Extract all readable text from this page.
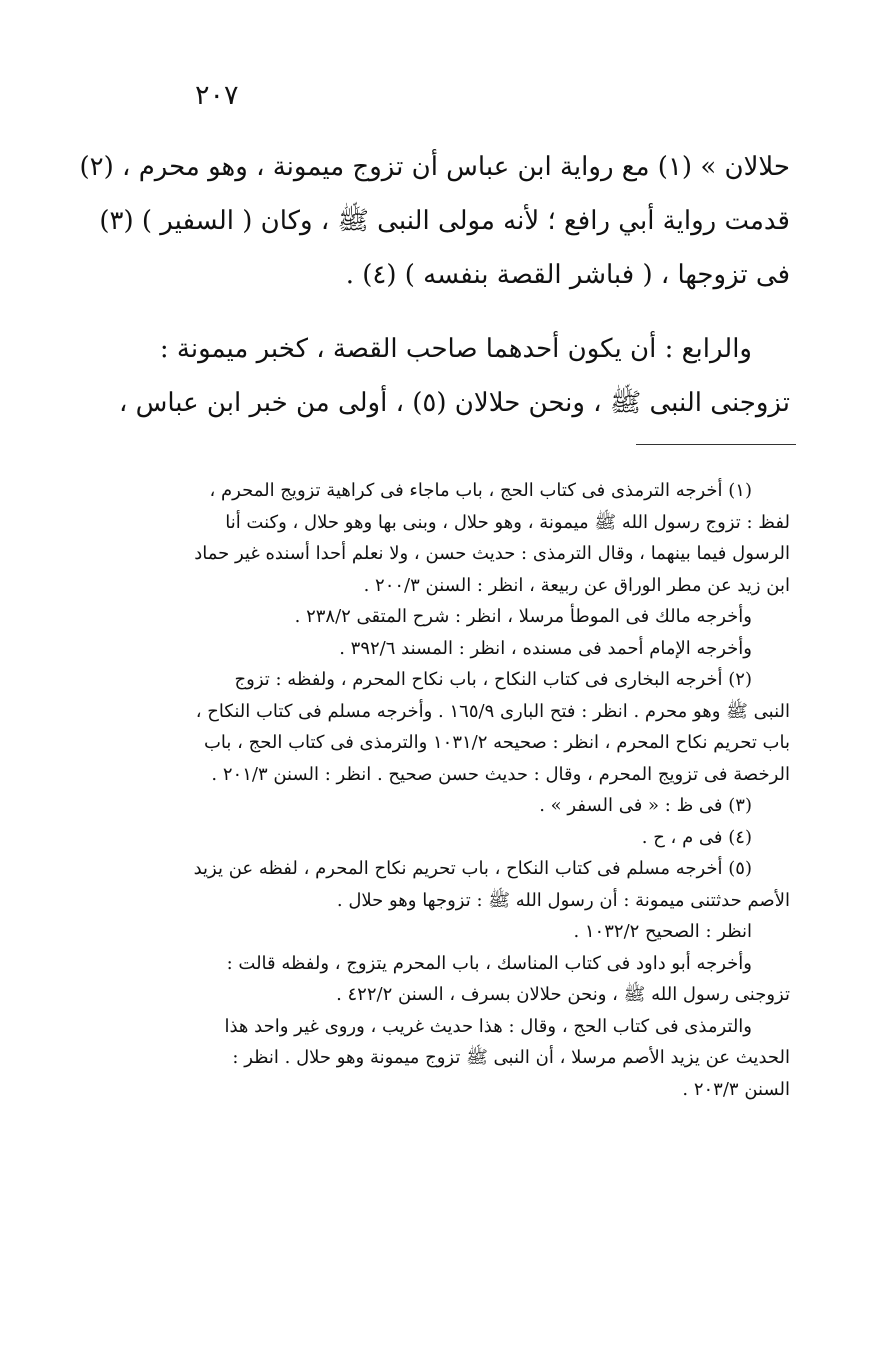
٢٠٧
حلالان » (١) مع رواية ابن عباس أن تزوج ميمونة ، وهو محرم ، (٢)
قدمت رواية أبي رافع ؛ لأنه مولى النبى ﷺ ، وكان ( السفير ) (٣)
فى تزوجها ، ( فباشر القصة بنفسه ) (٤) .
والرابع : أن يكون أحدهما صاحب القصة ، كخبر ميمونة :
تزوجنى النبى ﷺ ، ونحن حلالان (٥) ، أولى من خبر ابن عباس ،
(١) أخرجه الترمذى فى كتاب الحج ، باب ماجاء فى كراهية تزويج المحرم ،
لفظ : تزوج رسول الله ﷺ ميمونة ، وهو حلال ، وبنى بها وهو حلال ، وكنت أنا
الرسول فيما بينهما ، وقال الترمذى : حديث حسن ، ولا نعلم أحدا أسنده غير حماد
ابن زيد عن مطر الوراق عن ربيعة ، انظر : السنن ٢٠٠/٣ .
وأخرجه مالك فى الموطأ مرسلا ، انظر : شرح المتقى ٢٣٨/٢ .
وأخرجه الإمام أحمد فى مسنده ، انظر : المسند ٣٩٢/٦ .
(٢) أخرجه البخارى فى كتاب النكاح ، باب نكاح المحرم ، ولفظه : تزوج
النبى ﷺ وهو محرم . انظر : فتح البارى ١٦٥/٩ . وأخرجه مسلم فى كتاب النكاح ،
باب تحريم نكاح المحرم ، انظر : صحيحه ١٠٣١/٢ والترمذى فى كتاب الحج ، باب
الرخصة فى تزويج المحرم ، وقال : حديث حسن صحيح . انظر : السنن ٢٠١/٣ .
(٣) فى ظ : « فى السفر » .
(٤) فى م ، ح .
(٥) أخرجه مسلم فى كتاب النكاح ، باب تحريم نكاح المحرم ، لفظه عن يزيد
الأصم حدثتنى ميمونة : أن رسول الله ﷺ : تزوجها وهو حلال .
انظر : الصحيح ١٠٣٢/٢ .
وأخرجه أبو داود فى كتاب المناسك ، باب المحرم يتزوج ، ولفظه قالت :
تزوجنى رسول الله ﷺ ، ونحن حلالان بسرف ، السنن ٤٢٢/٢ .
والترمذى فى كتاب الحج ، وقال : هذا حديث غريب ، وروى غير واحد هذا
الحديث عن يزيد الأصم مرسلا ، أن النبى ﷺ تزوج ميمونة وهو حلال . انظر :
السنن ٢٠٣/٣ .
